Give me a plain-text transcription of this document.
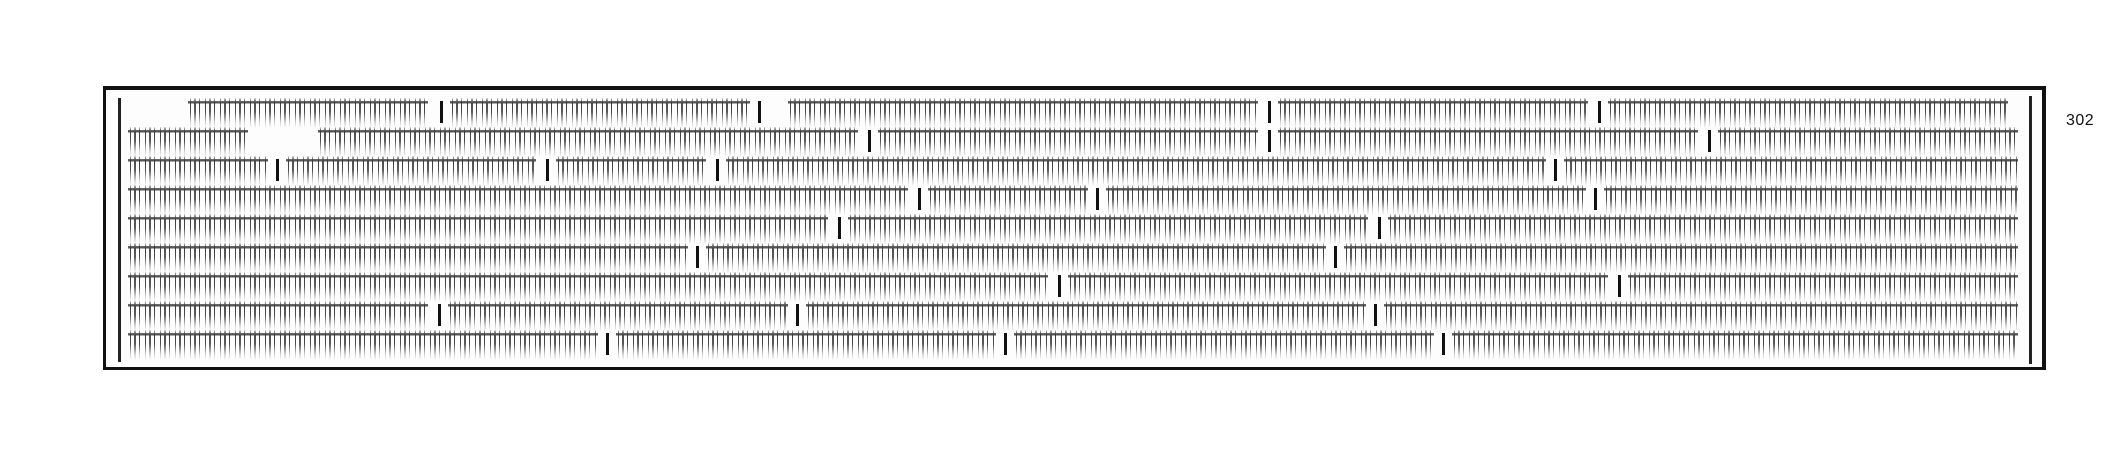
302
